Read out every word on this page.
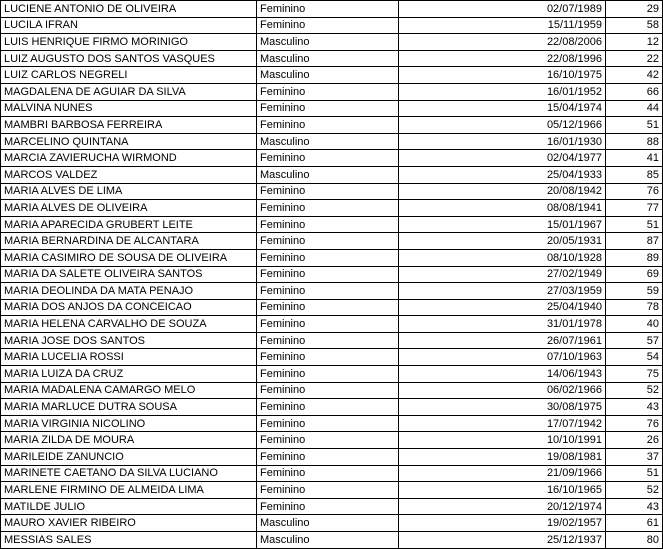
LUCIENE ANTONIO DE OLIVEIRA	Feminino	02/07/1989	29
LUCILA IFRAN	Feminino	15/11/1959	58
LUIS HENRIQUE FIRMO MORINIGO	Masculino	22/08/2006	12
LUIZ AUGUSTO DOS SANTOS VASQUES	Masculino	22/08/1996	22
LUIZ CARLOS NEGRELI	Masculino	16/10/1975	42
MAGDALENA DE AGUIAR DA SILVA	Feminino	16/01/1952	66
MALVINA NUNES	Feminino	15/04/1974	44
MAMBRI BARBOSA FERREIRA	Feminino	05/12/1966	51
MARCELINO QUINTANA	Masculino	16/01/1930	88
MARCIA ZAVIERUCHA WIRMOND	Feminino	02/04/1977	41
MARCOS VALDEZ	Masculino	25/04/1933	85
MARIA ALVES DE LIMA	Feminino	20/08/1942	76
MARIA ALVES DE OLIVEIRA	Feminino	08/08/1941	77
MARIA APARECIDA GRUBERT LEITE	Feminino	15/01/1967	51
MARIA BERNARDINA DE ALCANTARA	Feminino	20/05/1931	87
MARIA CASIMIRO DE SOUSA DE OLIVEIRA	Feminino	08/10/1928	89
MARIA DA SALETE OLIVEIRA SANTOS	Feminino	27/02/1949	69
MARIA DEOLINDA DA MATA PENAJO	Feminino	27/03/1959	59
MARIA DOS ANJOS DA CONCEICAO	Feminino	25/04/1940	78
MARIA HELENA CARVALHO DE SOUZA	Feminino	31/01/1978	40
MARIA JOSE DOS SANTOS	Feminino	26/07/1961	57
MARIA LUCELIA ROSSI	Feminino	07/10/1963	54
MARIA LUIZA DA CRUZ	Feminino	14/06/1943	75
MARIA MADALENA CAMARGO MELO	Feminino	06/02/1966	52
MARIA MARLUCE DUTRA SOUSA	Feminino	30/08/1975	43
MARIA VIRGINIA NICOLINO	Feminino	17/07/1942	76
MARIA ZILDA DE MOURA	Feminino	10/10/1991	26
MARILEIDE ZANUNCIO	Feminino	19/08/1981	37
MARINETE CAETANO DA SILVA LUCIANO	Feminino	21/09/1966	51
MARLENE FIRMINO DE ALMEIDA LIMA	Feminino	16/10/1965	52
MATILDE JULIO	Feminino	20/12/1974	43
MAURO XAVIER RIBEIRO	Masculino	19/02/1957	61
MESSIAS SALES	Masculino	25/12/1937	80
